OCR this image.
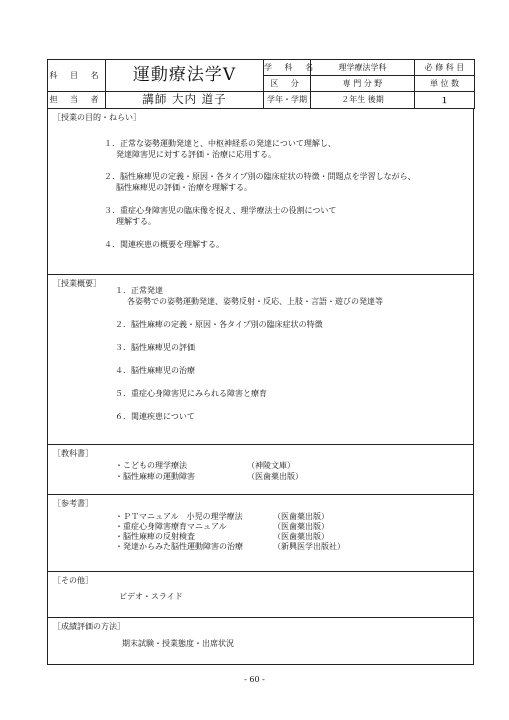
科 目 名	運動療法学Ⅴ	学 科 名	理学療法学科	必 修 科 目
		区 分	専 門 分 野	単 位 数
担 当 者	講師 大内 道子	学年・学期	２年生 後期	１
［授業の目的・ねらい］
１．正常な姿勢運動発達と、中枢神経系の発達について理解し、
発達障害児に対する評価・治療に応用する。
２．脳性麻痺児の定義・原因・各タイプ別の臨床症状の特徴・問題点を学習しながら、
脳性麻痺児の評価・治療を理解する。
３．重症心身障害児の臨床像を捉え、理学療法士の役割について
理解する。
４．関連疾患の概要を理解する。
［授業概要］
１．正常発達
各姿勢での姿勢運動発達、姿勢反射・反応、上肢・言語・遊びの発達等
２．脳性麻痺の定義・原因・各タイプ別の臨床症状の特徴
３．脳性麻痺児の評価
４．脳性麻痺児の治療
５．重症心身障害児にみられる障害と療育
６．関連疾患について
［教科書］
・こどもの理学療法	（神陵文庫）
・脳性麻痺の運動障害	（医歯薬出版）
［参考書］
・ＰＴマニュアル　小児の理学療法	（医歯薬出版）
・重症心身障害療育マニュアル	（医歯薬出版）
・脳性麻痺の反射検査	（医歯薬出版）
・発達からみた脳性運動障害の治療	（新興医学出版社）
［その他］
ビデオ・スライド
［成績評価の方法］
期末試験・授業態度・出席状況
- 60 -
